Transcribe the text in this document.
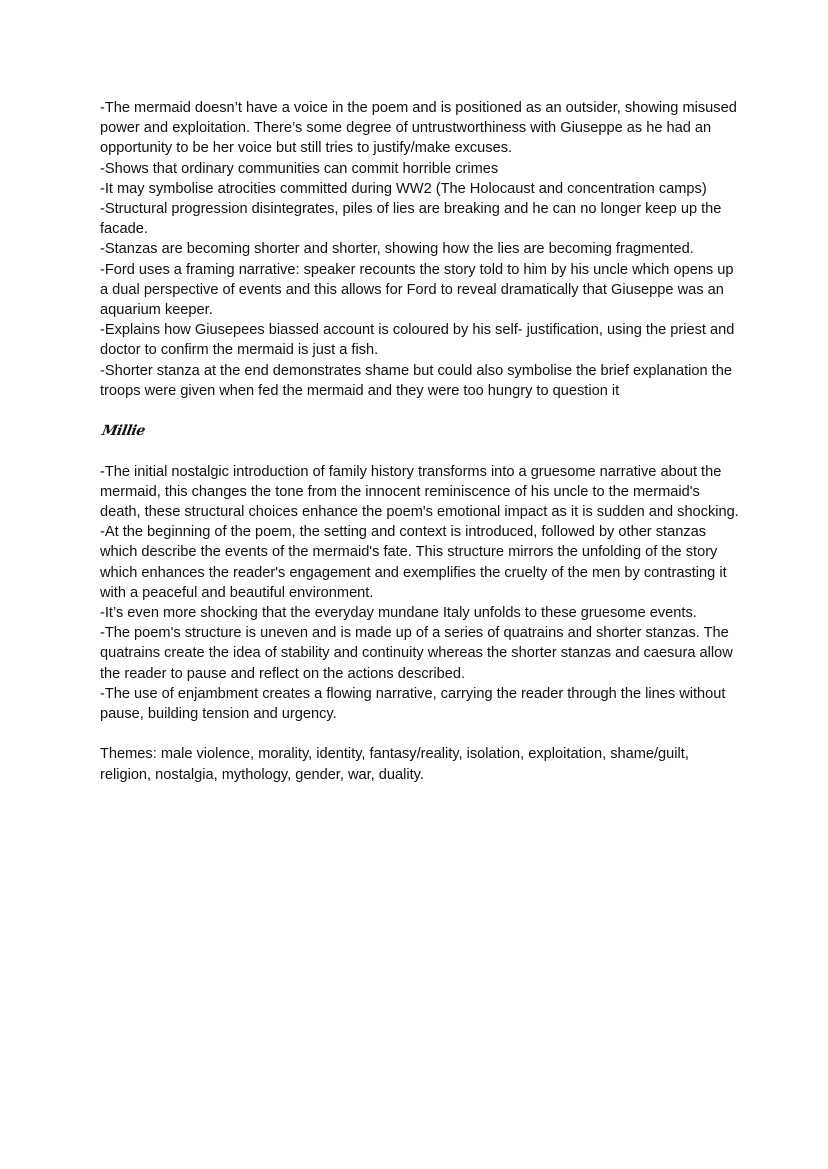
-The mermaid doesn’t have a voice in the poem and is positioned as an outsider, showing misused power and exploitation. There’s some degree of untrustworthiness with Giuseppe as he had an opportunity to be her voice but still tries to justify/make excuses.

-Shows that ordinary communities can commit horrible crimes

-It may symbolise atrocities committed during WW2 (The Holocaust and concentration camps)

-Structural progression disintegrates, piles of lies are breaking and he can no longer keep up the facade.

-Stanzas are becoming shorter and shorter, showing how the lies are becoming fragmented.

-Ford uses a framing narrative: speaker recounts the story told to him by his uncle which opens up a dual perspective of events and this allows for Ford to reveal dramatically that Giuseppe was an aquarium keeper.

-Explains how Giusepees biassed account is coloured by his self- justification, using the priest and doctor to confirm the mermaid is just a fish.

-Shorter stanza at the end demonstrates shame but could also symbolise the brief explanation the troops were given when fed the mermaid and they were too hungry to question it

Millie

-The initial nostalgic introduction of family history transforms into a gruesome narrative about the mermaid, this changes the tone from the innocent reminiscence of his uncle to the mermaid's death, these structural choices enhance the poem's emotional impact as it is sudden and shocking.

-At the beginning of the poem, the setting and context is introduced, followed by other stanzas which describe the events of the mermaid's fate. This structure mirrors the unfolding of the story which enhances the reader's engagement and exemplifies the cruelty of the men by contrasting it with a peaceful and beautiful environment.

-It’s even more shocking that the everyday mundane Italy unfolds to these gruesome events.

-The poem's structure is uneven and is made up of a series of quatrains and shorter stanzas. The quatrains create the idea of stability and continuity whereas the shorter stanzas and caesura allow the reader to pause and reflect on the actions described.

-The use of enjambment creates a flowing narrative, carrying the reader through the lines without pause, building tension and urgency.

Themes: male violence, morality, identity, fantasy/reality, isolation, exploitation, shame/guilt, religion, nostalgia, mythology, gender, war, duality.
